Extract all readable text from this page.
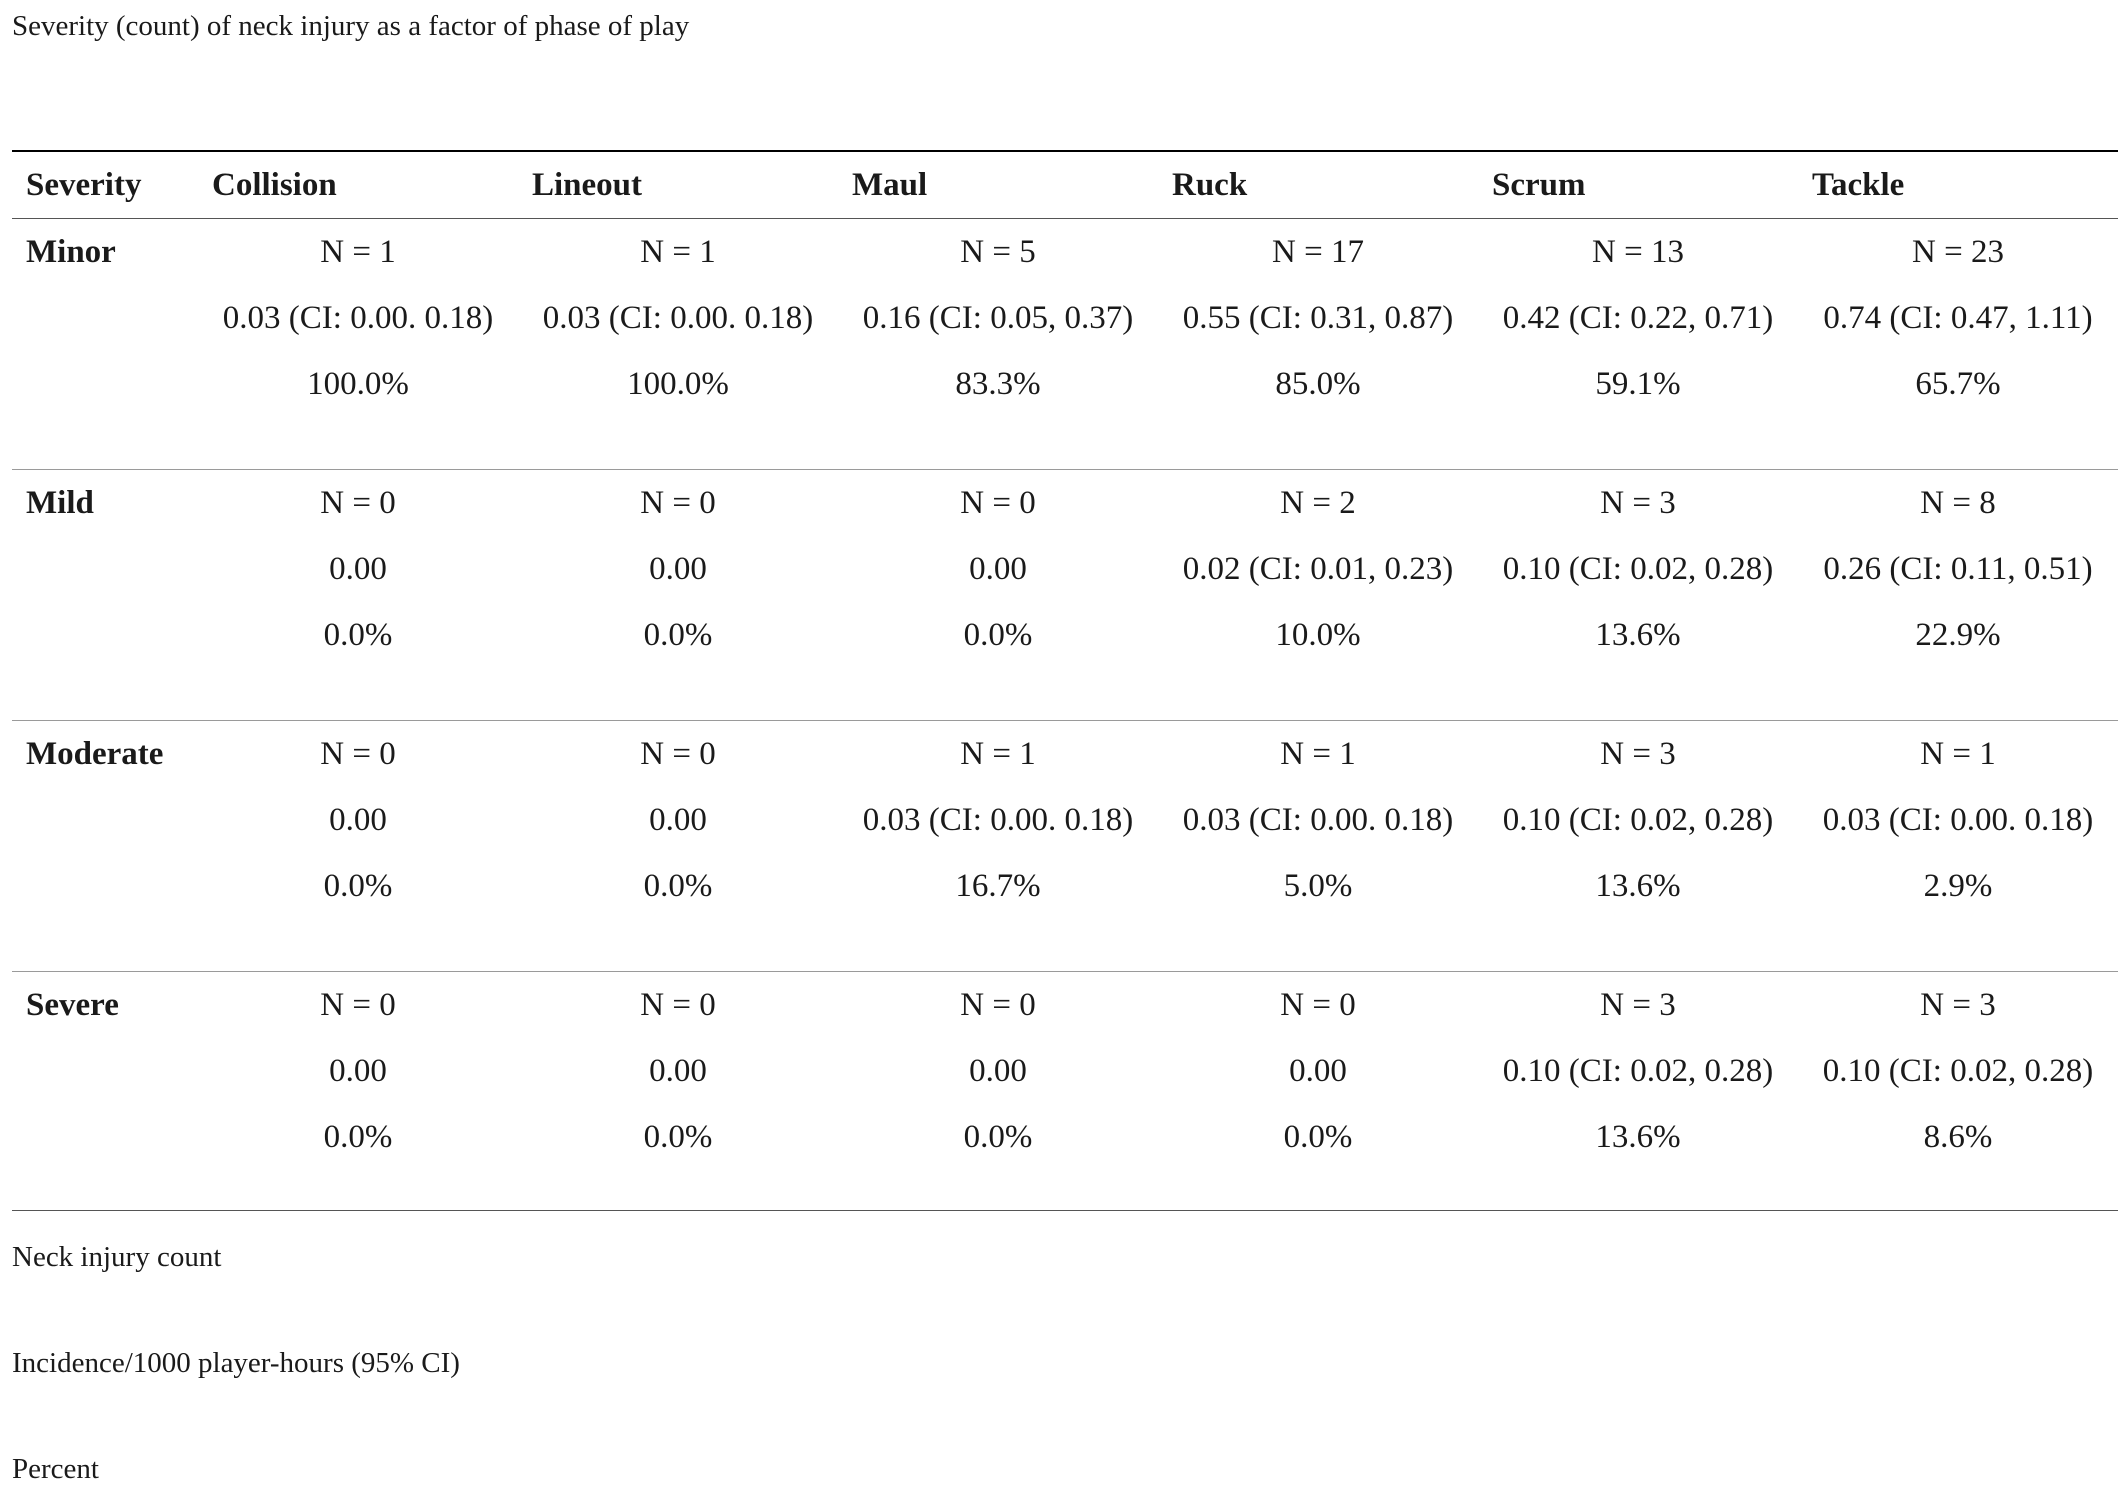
Severity (count) of neck injury as a factor of phase of play
Severity	Collision	Lineout	Maul	Ruck	Scrum	Tackle
Minor	N = 1	N = 1	N = 5	N = 17	N = 13	N = 23
	0.03 (CI: 0.00. 0.18)	0.03 (CI: 0.00. 0.18)	0.16 (CI: 0.05, 0.37)	0.55 (CI: 0.31, 0.87)	0.42 (CI: 0.22, 0.71)	0.74 (CI: 0.47, 1.11)
	100.0%	100.0%	83.3%	85.0%	59.1%	65.7%

Mild	N = 0	N = 0	N = 0	N = 2	N = 3	N = 8
	0.00	0.00	0.00	0.02 (CI: 0.01, 0.23)	0.10 (CI: 0.02, 0.28)	0.26 (CI: 0.11, 0.51)
	0.0%	0.0%	0.0%	10.0%	13.6%	22.9%

Moderate	N = 0	N = 0	N = 1	N = 1	N = 3	N = 1
	0.00	0.00	0.03 (CI: 0.00. 0.18)	0.03 (CI: 0.00. 0.18)	0.10 (CI: 0.02, 0.28)	0.03 (CI: 0.00. 0.18)
	0.0%	0.0%	16.7%	5.0%	13.6%	2.9%

Severe	N = 0	N = 0	N = 0	N = 0	N = 3	N = 3
	0.00	0.00	0.00	0.00	0.10 (CI: 0.02, 0.28)	0.10 (CI: 0.02, 0.28)
	0.0%	0.0%	0.0%	0.0%	13.6%	8.6%

Neck injury count
Incidence/1000 player-hours (95% CI)
Percent
